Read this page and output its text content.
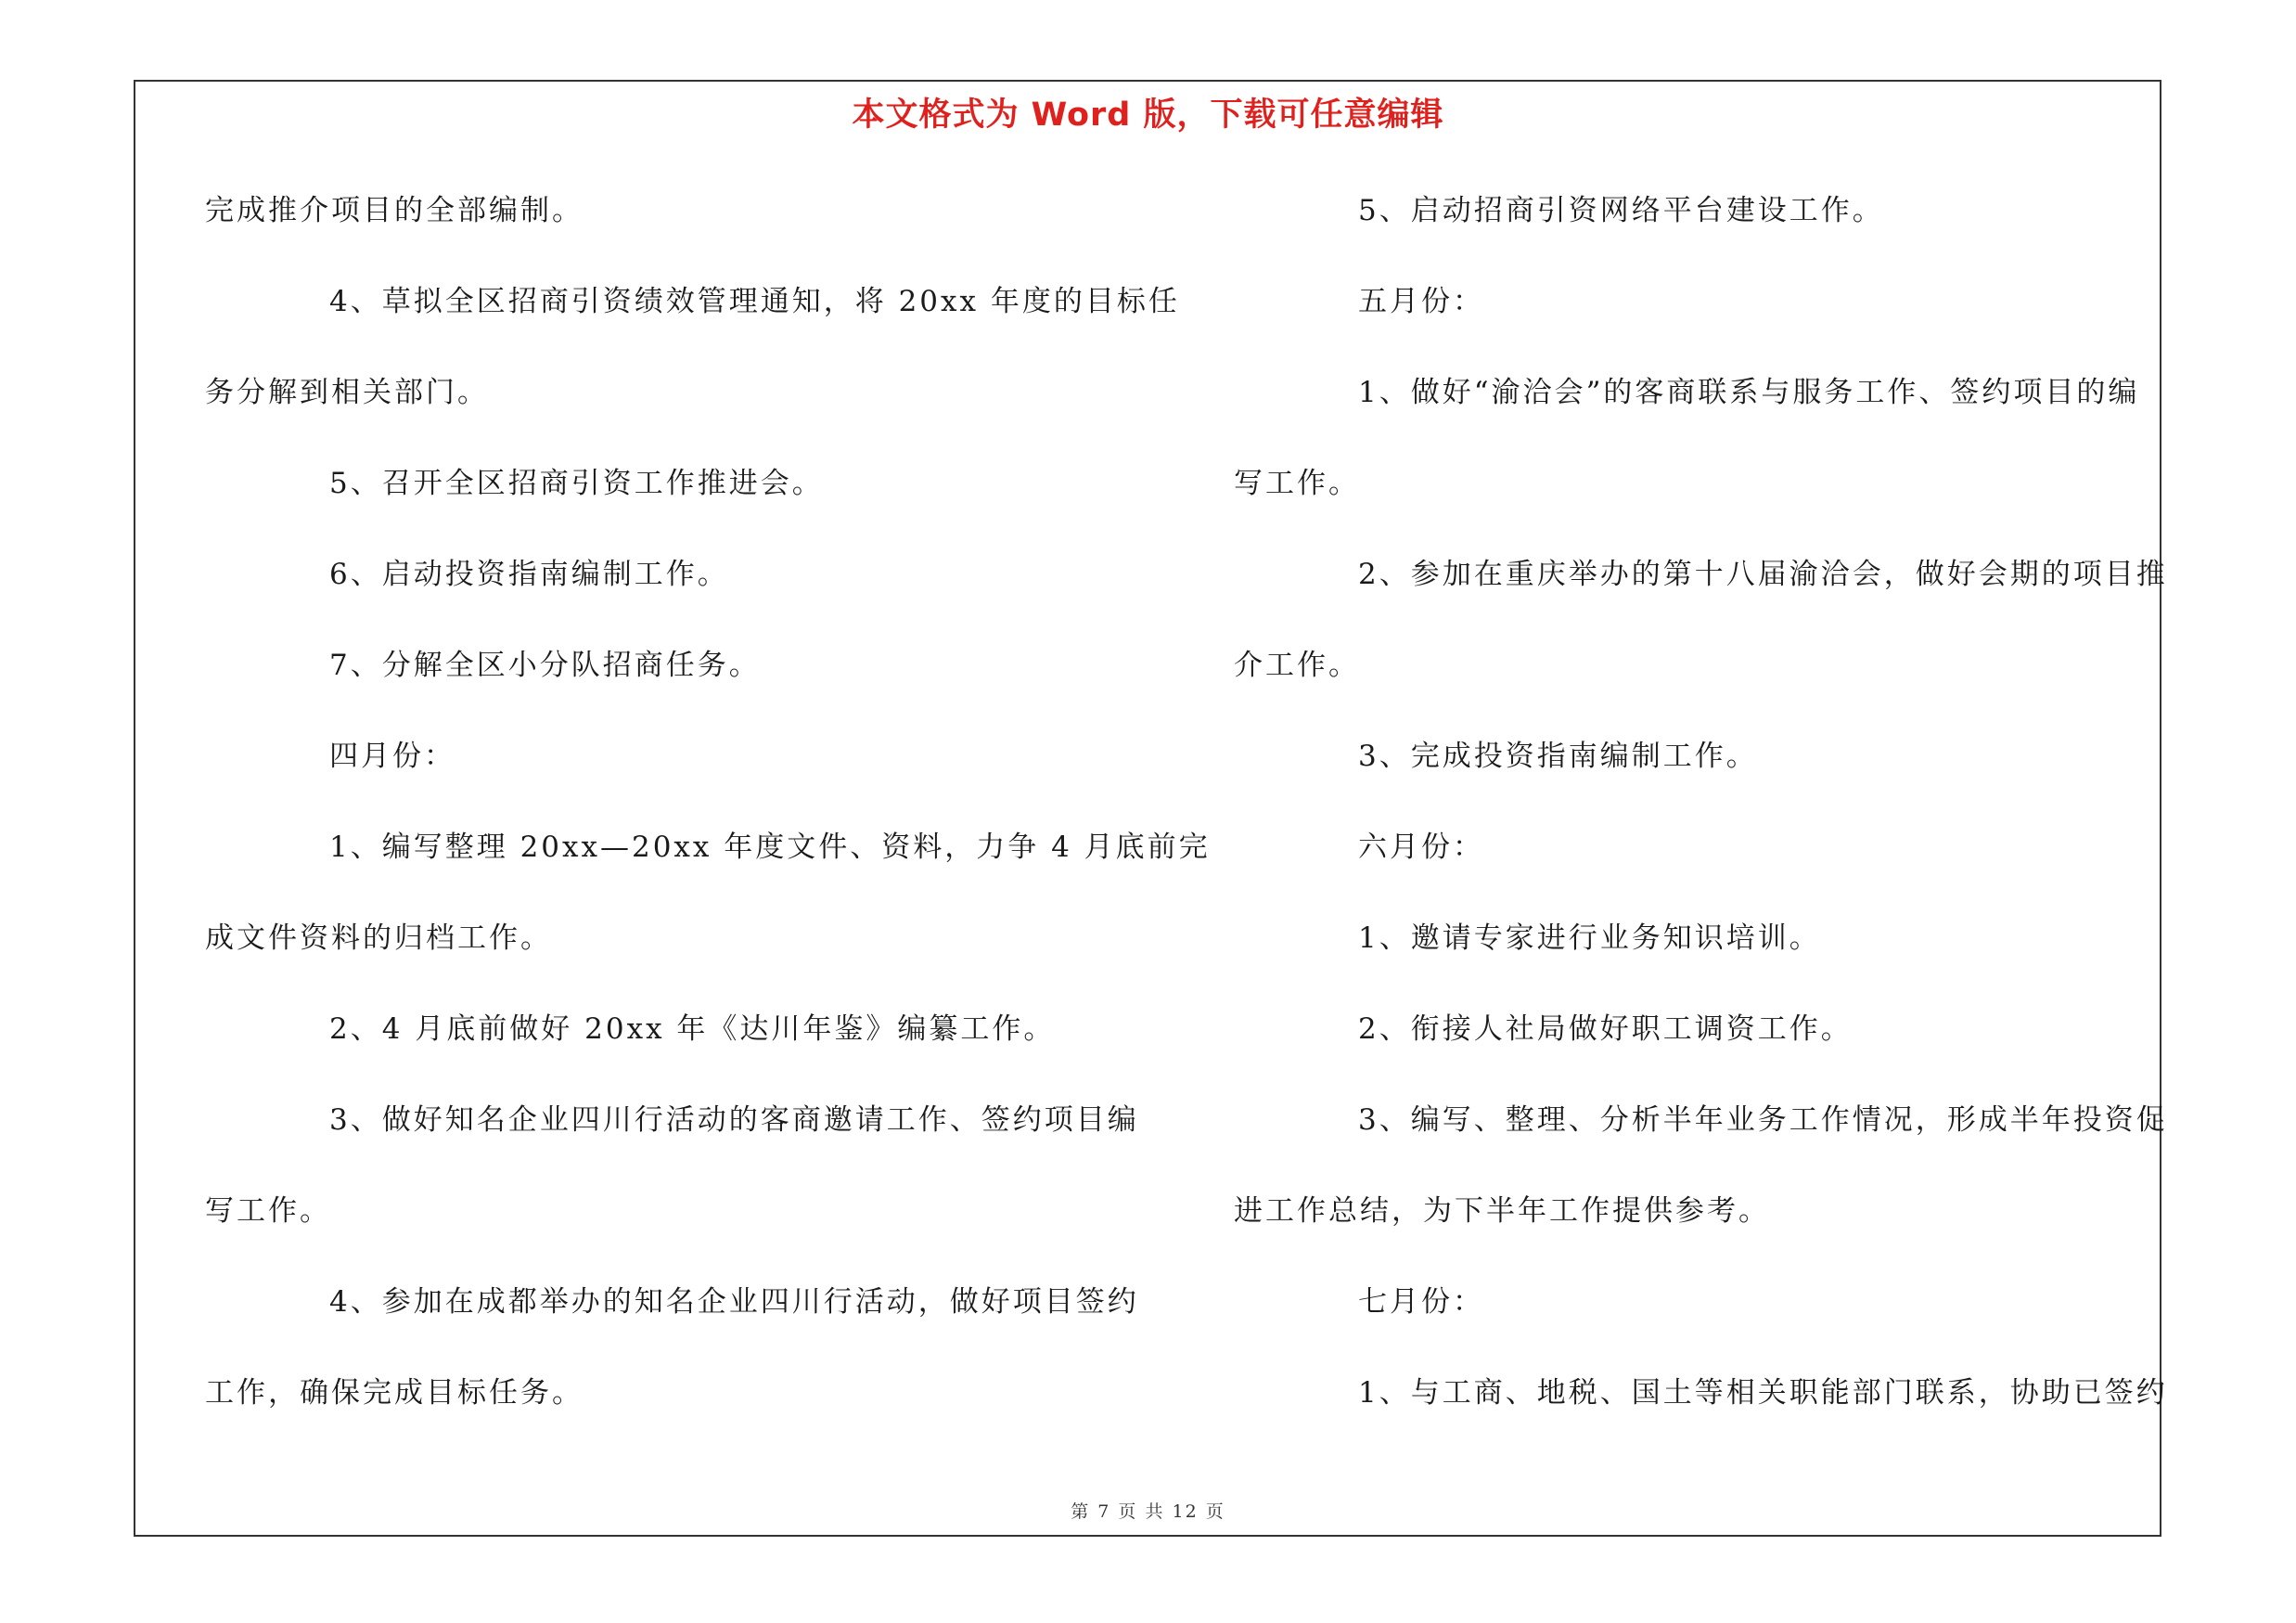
本文格式为 Word 版，下载可任意编辑
完成推介项目的全部编制。
4、草拟全区招商引资绩效管理通知，将 20xx 年度的目标任
务分解到相关部门。
5、召开全区招商引资工作推进会。
6、启动投资指南编制工作。
7、分解全区小分队招商任务。
四月份：
1、编写整理 20xx—20xx 年度文件、资料，力争 4 月底前完
成文件资料的归档工作。
2、4 月底前做好 20xx 年《达川年鉴》编纂工作。
3、做好知名企业四川行活动的客商邀请工作、签约项目编
写工作。
4、参加在成都举办的知名企业四川行活动，做好项目签约
工作，确保完成目标任务。
5、启动招商引资网络平台建设工作。
五月份：
1、做好“渝洽会”的客商联系与服务工作、签约项目的编
写工作。
2、参加在重庆举办的第十八届渝洽会，做好会期的项目推
介工作。
3、完成投资指南编制工作。
六月份：
1、邀请专家进行业务知识培训。
2、衔接人社局做好职工调资工作。
3、编写、整理、分析半年业务工作情况，形成半年投资促
进工作总结，为下半年工作提供参考。
七月份：
1、与工商、地税、国土等相关职能部门联系，协助已签约
第 7 页 共 12 页
